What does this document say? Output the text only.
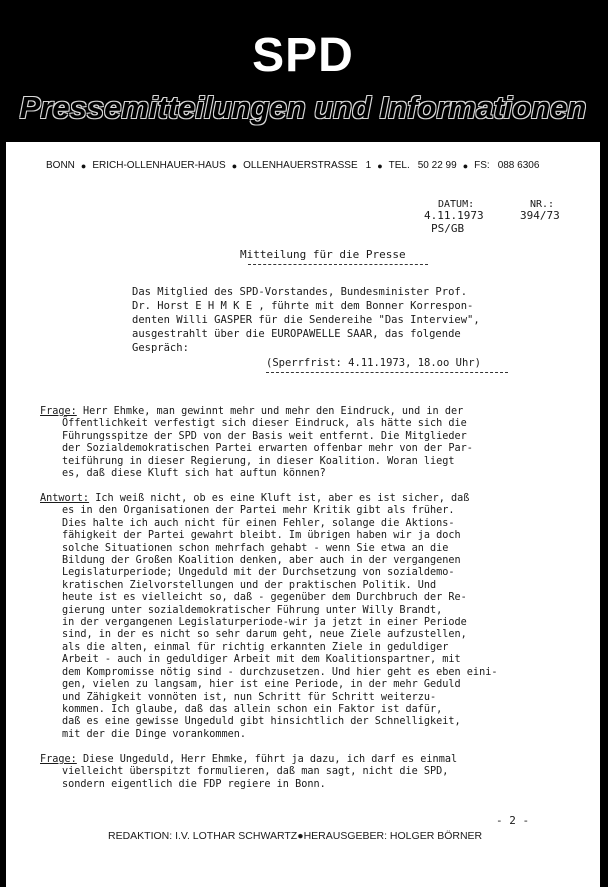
SPD
Pressemitteilungen und Informationen
BONN ● ERICH-OLLENHAUER-HAUS ● OLLENHAUERSTRASSE 1 ● TEL. 50 22 99 ● FS: 088 6306
DATUM:	NR.:
4.11.1973	394/73
PS/GB
Mitteilung für die Presse

Das Mitglied des SPD-Vorstandes, Bundesminister Prof.

Dr. Horst E H M K E , führte mit dem Bonner Korrespon-

denten Willi GASPER für die Sendereihe "Das Interview",

ausgestrahlt über die EUROPAWELLE SAAR, das folgende

Gespräch:

(Sperrfrist: 4.11.1973, 18.oo Uhr)

Frage: Herr Ehmke, man gewinnt mehr und mehr den Eindruck, und in der

Öffentlichkeit verfestigt sich dieser Eindruck, als hätte sich die

Führungsspitze der SPD von der Basis weit entfernt. Die Mitglieder

der Sozialdemokratischen Partei erwarten offenbar mehr von der Par-

teiführung in dieser Regierung, in dieser Koalition. Woran liegt

es, daß diese Kluft sich hat auftun können?

Antwort: Ich weiß nicht, ob es eine Kluft ist, aber es ist sicher, daß

es in den Organisationen der Partei mehr Kritik gibt als früher.

Dies halte ich auch nicht für einen Fehler, solange die Aktions-

fähigkeit der Partei gewahrt bleibt. Im übrigen haben wir ja doch

solche Situationen schon mehrfach gehabt - wenn Sie etwa an die

Bildung der Großen Koalition denken, aber auch in der vergangenen

Legislaturperiode; Ungeduld mit der Durchsetzung von sozialdemo-

kratischen Zielvorstellungen und der praktischen Politik. Und

heute ist es vielleicht so, daß - gegenüber dem Durchbruch der Re-

gierung unter sozialdemokratischer Führung unter Willy Brandt,

in der vergangenen Legislaturperiode-wir ja jetzt in einer Periode

sind, in der es nicht so sehr darum geht, neue Ziele aufzustellen,

als die alten, einmal für richtig erkannten Ziele in geduldiger

Arbeit - auch in geduldiger Arbeit mit dem Koalitionspartner, mit

dem Kompromisse nötig sind - durchzusetzen. Und hier geht es eben eini-

gen, vielen zu langsam, hier ist eine Periode, in der mehr Geduld

und Zähigkeit vonnöten ist, nun Schritt für Schritt weiterzu-

kommen. Ich glaube, daß das allein schon ein Faktor ist dafür,

daß es eine gewisse Ungeduld gibt hinsichtlich der Schnelligkeit,

mit der die Dinge vorankommen.

Frage: Diese Ungeduld, Herr Ehmke, führt ja dazu, ich darf es einmal

vielleicht überspitzt formulieren, daß man sagt, nicht die SPD,

sondern eigentlich die FDP regiere in Bonn.

- 2 -
REDAKTION: I.V. LOTHAR SCHWARTZ●HERAUSGEBER: HOLGER BÖRNER
